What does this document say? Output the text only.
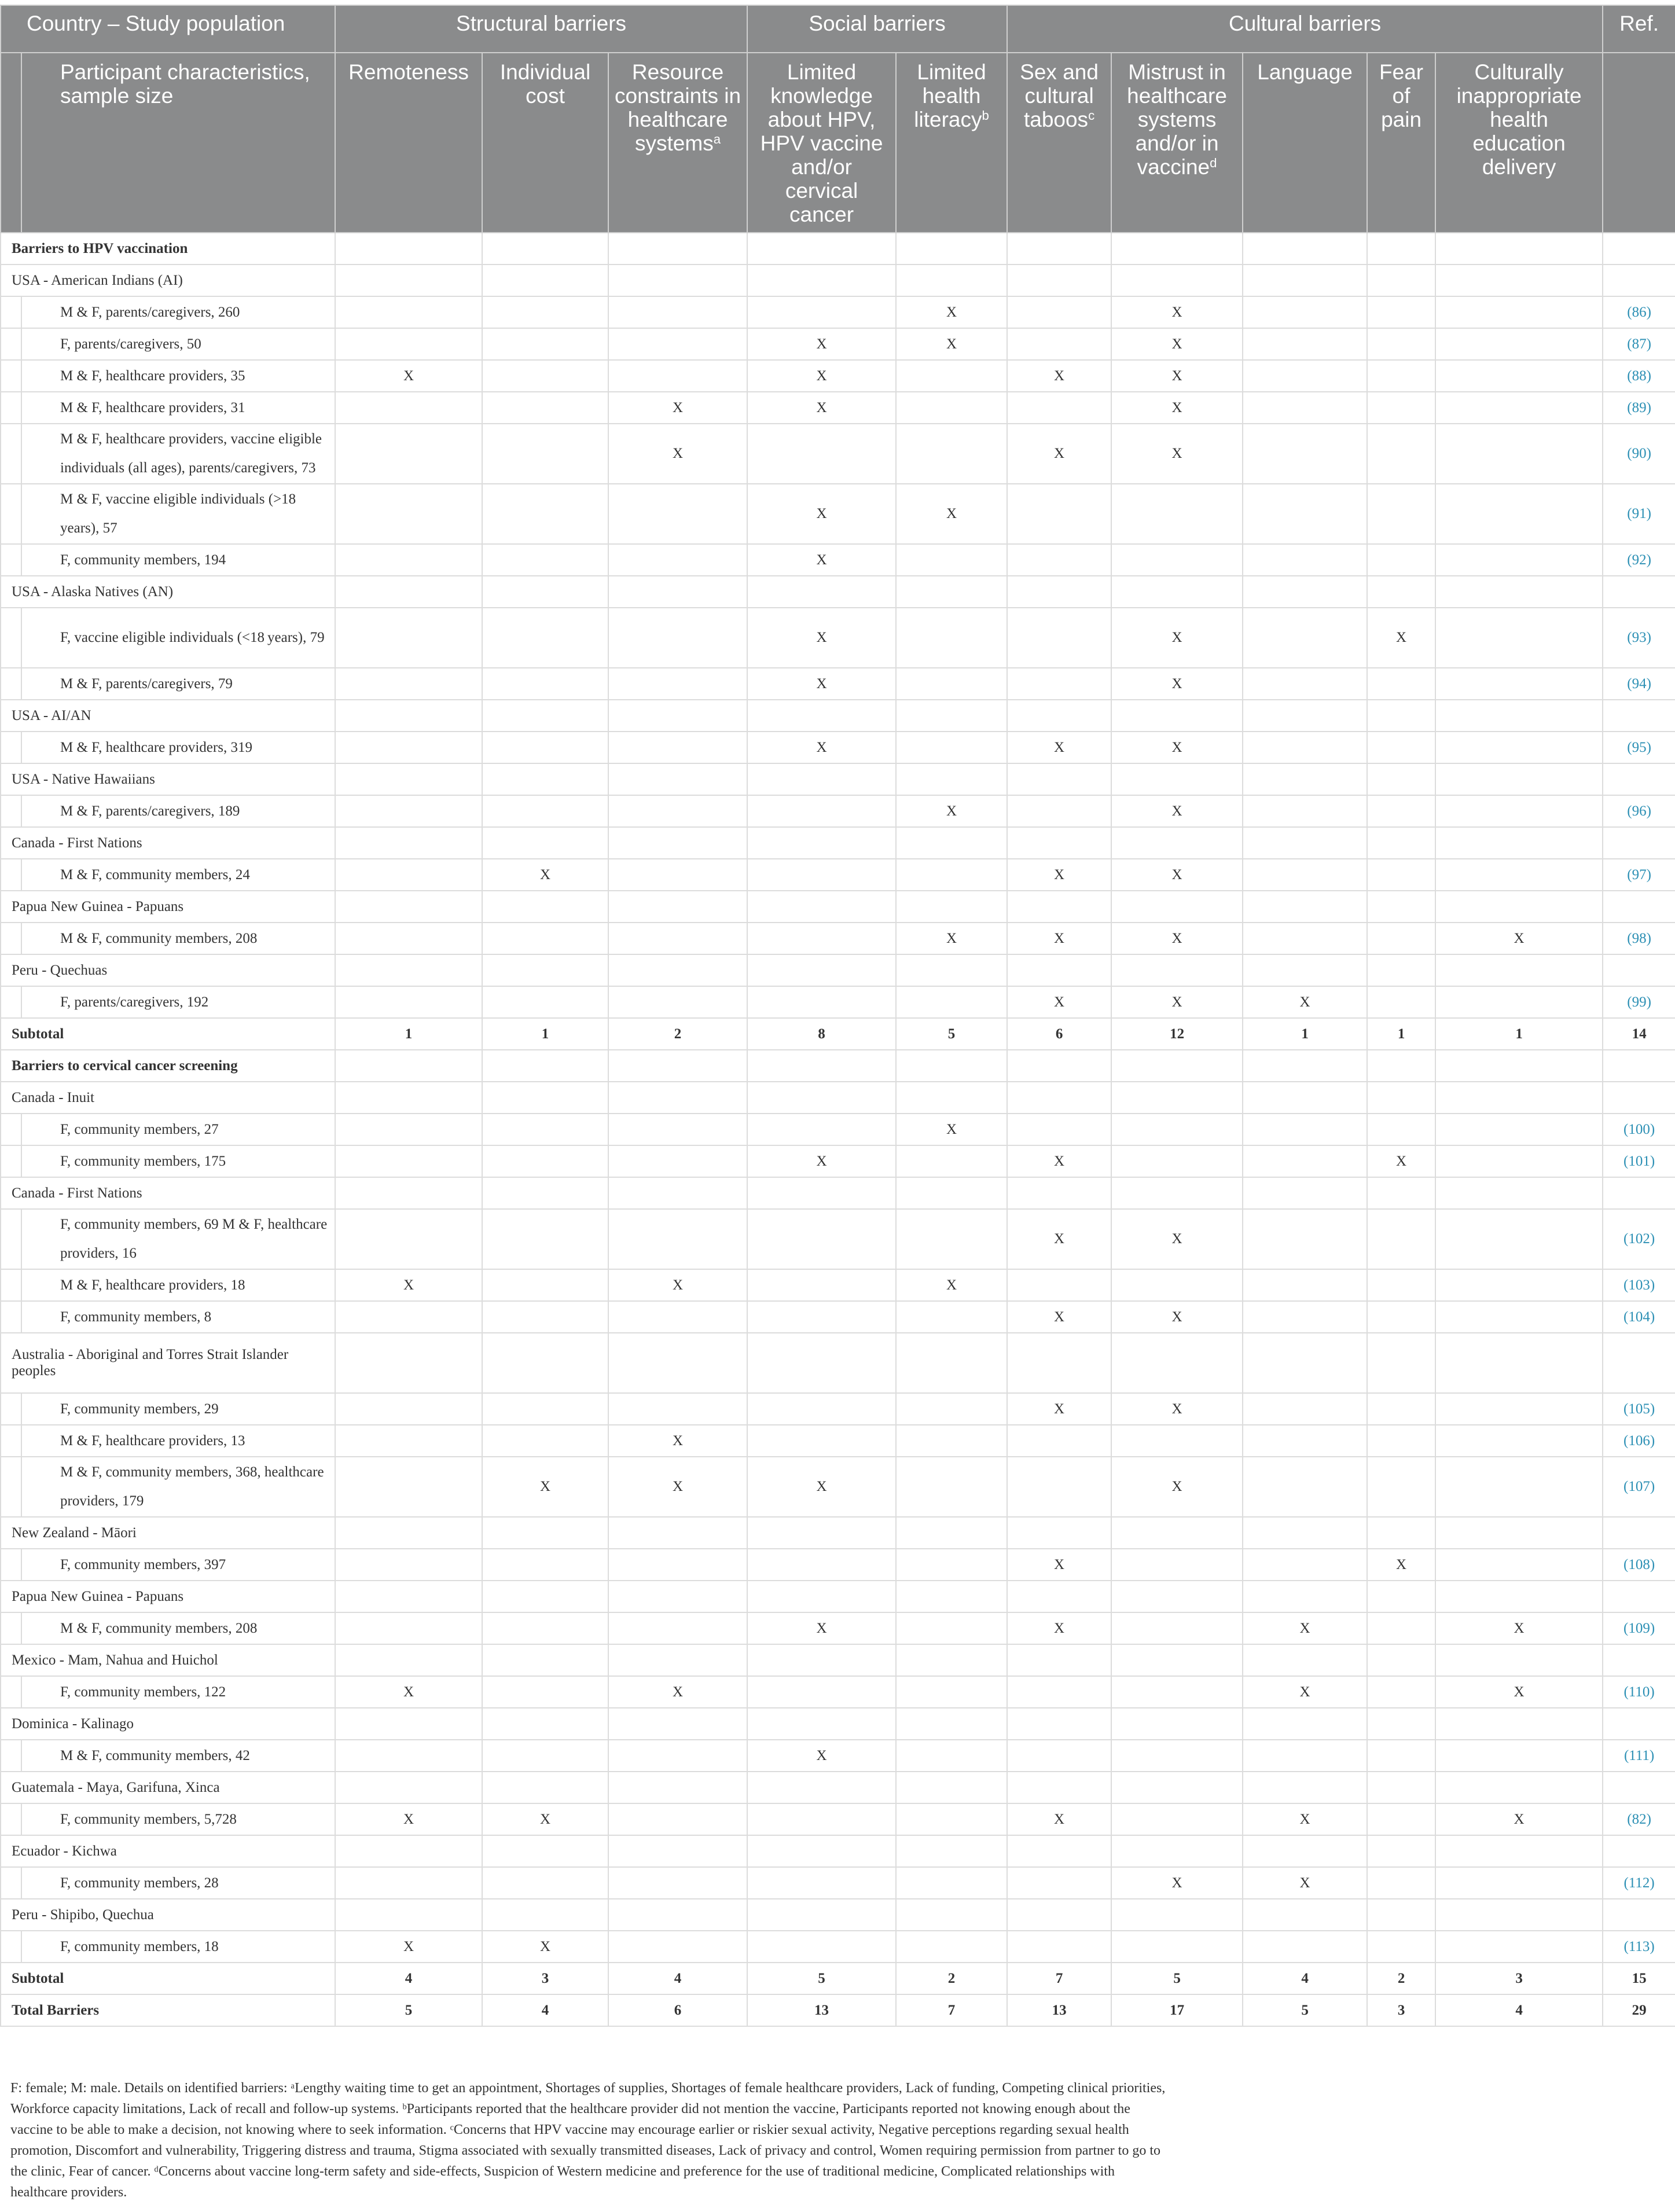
Country – Study population		Structural barriers			Social barriers		Cultural barriers					Ref.
	Participant characteristics, sample size	Remoteness	Individual cost	Resource constraints in healthcare systems$^a$	Limited knowledge about HPV, HPV vaccine and/or cervical cancer	Limited health literacy$^b$	Sex and cultural taboos$^c$	Mistrust in healthcare systems and/or in vaccine$^d$	Language	Fear of pain	Culturally inappropriate health education delivery	
Barriers to HPV vaccination												
USA - American Indians (AI)												
	M & F, parents/caregivers, 260					X		X				(86)
	F, parents/caregivers, 50				X	X		X				(87)
	M & F, healthcare providers, 35	X			X		X	X				(88)
	M & F, healthcare providers, 31			X	X			X				(89)
	M & F, healthcare providers, vaccine eligible individuals (all ages), parents/caregivers, 73			X			X	X				(90)
	M & F, vaccine eligible individuals (>18 years), 57				X	X						(91)
	F, community members, 194				X							(92)
USA - Alaska Natives (AN)												
	F, vaccine eligible individuals (<18 years), 79				X			X		X		(93)
	M & F, parents/caregivers, 79				X			X				(94)
USA - AI/AN												
	M & F, healthcare providers, 319				X		X	X				(95)
USA - Native Hawaiians												
	M & F, parents/caregivers, 189					X		X				(96)
Canada - First Nations												
	M & F, community members, 24		X				X	X				(97)
Papua New Guinea - Papuans												
	M & F, community members, 208					X	X	X			X	(98)
Peru - Quechuas												
	F, parents/caregivers, 192						X	X	X			(99)
Subtotal		1	1	2	8	5	6	12	1	1	1	14
Barriers to cervical cancer screening												
Canada - Inuit												
	F, community members, 27					X						(100)
	F, community members, 175				X		X			X		(101)
Canada - First Nations												
	F, community members, 69 M & F, healthcare providers, 16						X	X				(102)
	M & F, healthcare providers, 18	X		X		X						(103)
	F, community members, 8						X	X				(104)
Australia - Aboriginal and Torres Strait Islander peoples												
	F, community members, 29						X	X				(105)
	M & F, healthcare providers, 13			X								(106)
	M & F, community members, 368, healthcare providers, 179		X	X	X			X				(107)
New Zealand - Māori												
	F, community members, 397						X			X		(108)
Papua New Guinea - Papuans												
	M & F, community members, 208				X		X		X		X	(109)
Mexico - Mam, Nahua and Huichol												
	F, community members, 122	X		X					X		X	(110)
Dominica - Kalinago												
	M & F, community members, 42				X							(111)
Guatemala - Maya, Garifuna, Xinca												
	F, community members, 5,728	X	X				X		X		X	(82)
Ecuador - Kichwa												
	F, community members, 28							X	X			(112)
Peru - Shipibo, Quechua												
	F, community members, 18	X	X									(113)
Subtotal		4	3	4	5	2	7	5	4	2	3	15
Total Barriers		5	4	6	13	7	13	17	5	3	4	29
F: female; M: male. Details on identified barriers: ᵃLengthy waiting time to get an appointment, Shortages of supplies, Shortages of female healthcare providers, Lack of funding, Competing clinical priorities, Workforce capacity limitations, Lack of recall and follow-up systems. ᵇParticipants reported that the healthcare provider did not mention the vaccine, Participants reported not knowing enough about the vaccine to be able to make a decision, not knowing where to seek information. ᶜConcerns that HPV vaccine may encourage earlier or riskier sexual activity, Negative perceptions regarding sexual health promotion, Discomfort and vulnerability, Triggering distress and trauma, Stigma associated with sexually transmitted diseases, Lack of privacy and control, Women requiring permission from partner to go to the clinic, Fear of cancer. ᵈConcerns about vaccine long-term safety and side-effects, Suspicion of Western medicine and preference for the use of traditional medicine, Complicated relationships with healthcare providers.
